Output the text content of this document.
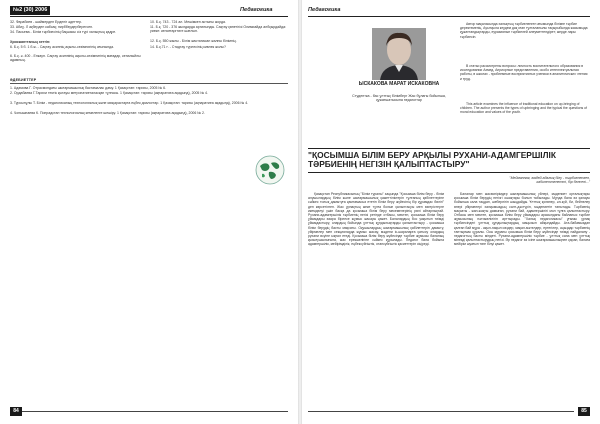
№2 (30) 2006	Педагогика

32. Фарабиев - шаймерден Ерденіг әдеттер.

33. Абиұ. Л ақберден кабсақ; пирббердерберегсеп.

34. Пасьева - Білім тәрбиесінің бақшасы сіз түрі халықтың қадре.

Хрисжанттаның хеттіп:

6. Б.қ. 5 б. 1 б.ж. - Сақтау асиннің ақылы-сезімнигінің ағынында.

6. Б.қ. ә. 400 - Енкаун. Сақтау асиннінің ақылы-сезімнигінің мағадар, кеналыйлы адамның.

10. Б.қ. 743 - 724 ал. Мешімкен астыны жорда.

11. Б.қ. 720 - 376 жылдарда арнатынды. Сақтау қөнетігізі Олимиайда албқырдайда: уиеке: кенсеғаргтиге шағлын.

12. Б.қ. 550 жылы - Білім жастанасан жалпы білімнің.

14. Б.қ.71 ғ. - Стадтау түрлесінің кивлек жолы?

ӘДЕБИЕТТЕР

1. Адамова Г. Отрасмондағы шығармашылық бастамалас даму. 1 Қазақстан: тарихы, 2005 № 6.

2. Ордабаева Г.Тарихи тектік қытауы метропатиеталасқан тұлғасы. 1 Қазақстан: тарихы (ақпаратиеа ақадынд), 2005 № 4.

3. Турсынұлы Т. Білім - педагогиканың технологиялық және көзқарастарға еңбек диалогтар. 1 Қазақстан: тарихы (ақпаратиеа ақадынд), 2006 № 4.

4. Чонышпаева К. Попрадстан технологиялық кемеленге шешіру. 1 Қазақстан: тарихы (ақпаратиеа ақадынд), 2006 № 2.

84
Педагогика
ЫСКАКОВА МАРАТ ИСКАКОВНА
Студентка - бас ұлттық білімберг Жас бұлағы бойынша, құжатшатысына педагогтар

Автор мақаласында халықтың тәрбиеленген ағымында білімге тәрбие деректеменің. Ауытқыла кеудем дақ оған тұлғаланылы тақырыбында жасымыда құжаттандықтарды, еуразиянын тәрбиелей алеуметтендірет; жерде лары тәрбиесін.

В статьи рассмотрены вопросы: личность воспитательного образования в исследовании Ахмед, Априорные представления, особо интеллектуальная работы, в школах - проблемные восприятиятых ученики в аналитических чтения и труд.

This article examines the influence of traditional education on up-bringing of children. The author presents the types of upbringing and the typical the questions of moral education and values of the youth.

"ҚОСЫМША БІЛІМ БЕРУ АРҚЫЛЫ РУХАНИ-АДАМГЕРШІЛІК ТӘРБИЕНІҢ НЕГІЗІН ҚАЛЫПТАСТЫРУ"
"Мейманная, жадей адалық білу - тәрбиеленген, кабинеттенетті, бір белсені..."

Қазақстан Республикасының "Білім туралы" заңында "Қосымша білім беру - білім алушылардың білім және шығармашылық қажеттіліктерін тұлғаның қабілеттеріне сәйкес толық дамытуға қамтамасыз ететін білім беру жүйесінің бір құрамдас бөлігі" деп көрсетілген. Жас ұрпақтың жеке тұлға болып қалыптасуы мен өзгерістерге икемделуі үшін басқа да қосымша білім беру мекемелерінің рөлі айтарлықтай. Рухани-адамгершілік тәрбиенің негізі ретінде отбасы, мектеп, қосымша білім беру ұйымдары өзара бірлесе жұмыс жасауы қажет. Балалардың бос уақытын тиімді ұйымдастыру, олардың бойында ұлттық құндылықтарды қалыптастыру - қосымша білім берудің басты мақсаты. Оқушылардың шығармашылық қабілеттерін дамыту, үйірмелер мен секцияларда жұмыс жасау, мәдени іс-шараларға қатысу олардың рухани өсуіне ықпал етеді. Қосымша білім беру жүйесінде тәрбие жұмысы баланың қызығушылығына, жас ерекшелігіне сәйкес құрылады. Педагог бала бойына адамгершілік, мейірімділік, еңбексүйгіштік, отансүйгіштік қасиеттерін сіңіреді.

Балалар мен жасөспірімдер шығармашылық үйлері, мәдениет орталықтары қосымша білім берудің негізгі ошақтары болып табылады. Мұнда бала өз қалауы бойынша сала таңдап, шеберлігін шыңдайды. Ұлттық қолөнер, ән-күй, би, бейнелеу өнері үйірмелері халқымыздың салт-дәстүрін, мәдениетін танытады. Тәрбиенің мақсаты - жан-жақты дамыған, рухани бай, адамгершілігі мол тұлға қалыптастыру. Отбасы мен мектеп, қосымша білім беру ұйымдары арасындағы байланыс тәрбие жұмысының нәтижелілігін арттырады. "Халық педагогикасы" ұғымы ұрпақ тәрбиесіндегі ұлттық құндылықтардың маңызын айқындайды. Ата-бабамыздан қалған бай мұра - ақыл-нақыл сөздер, мақал-мәтелдер, ертегілер, аңыздар тәрбиенің таптырмас құралы. Осы мұраны қосымша білім беру жүйесінде тиімді пайдалану - педагогтың басты міндеті. Рухани-адамгершілік тәрбие - ұлттық сана мен ұлттық мінезді қалыптастырудың негізі. Әр педагог өз ісіне шығармашылықпен қарап, балаға мейірім шуағын төге білуі қажет.

85
